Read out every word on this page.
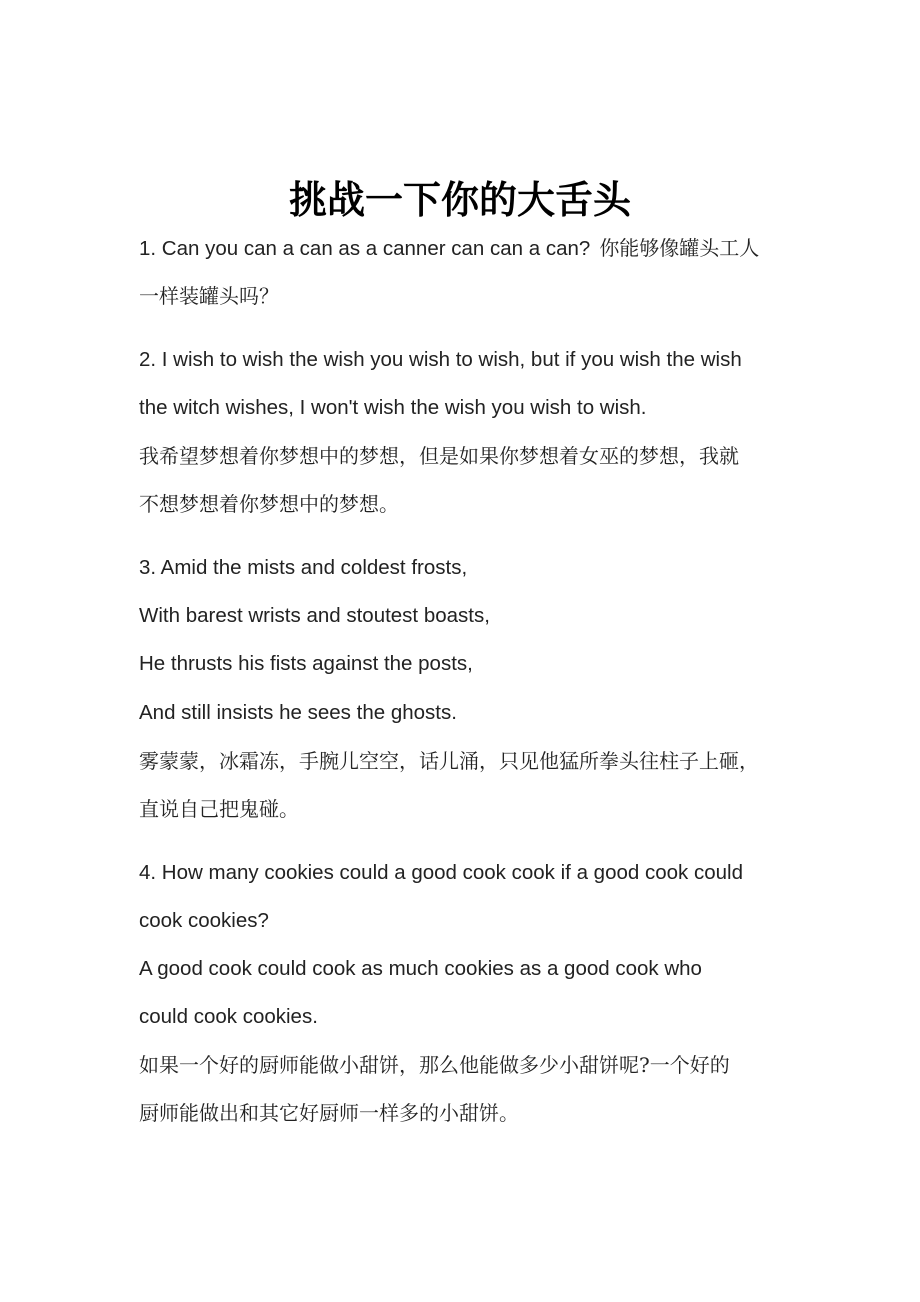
挑战一下你的大舌头
1. Can you can a can as a canner can can a can? 你能够像罐头工人
一样装罐头吗？
2. I wish to wish the wish you wish to wish, but if you wish the wish
the witch wishes, I won't wish the wish you wish to wish.
我希望梦想着你梦想中的梦想，但是如果你梦想着女巫的梦想，我就
不想梦想着你梦想中的梦想。
3. Amid the mists and coldest frosts,
With barest wrists and stoutest boasts,
He thrusts his fists against the posts,
And still insists he sees the ghosts.
雾蒙蒙，冰霜冻，手腕儿空空，话儿涌，只见他猛所拳头往柱子上砸，
直说自己把鬼碰。
4. How many cookies could a good cook cook if a good cook could
cook cookies?
A good cook could cook as much cookies as a good cook who
could cook cookies.
如果一个好的厨师能做小甜饼，那么他能做多少小甜饼呢?一个好的
厨师能做出和其它好厨师一样多的小甜饼。
